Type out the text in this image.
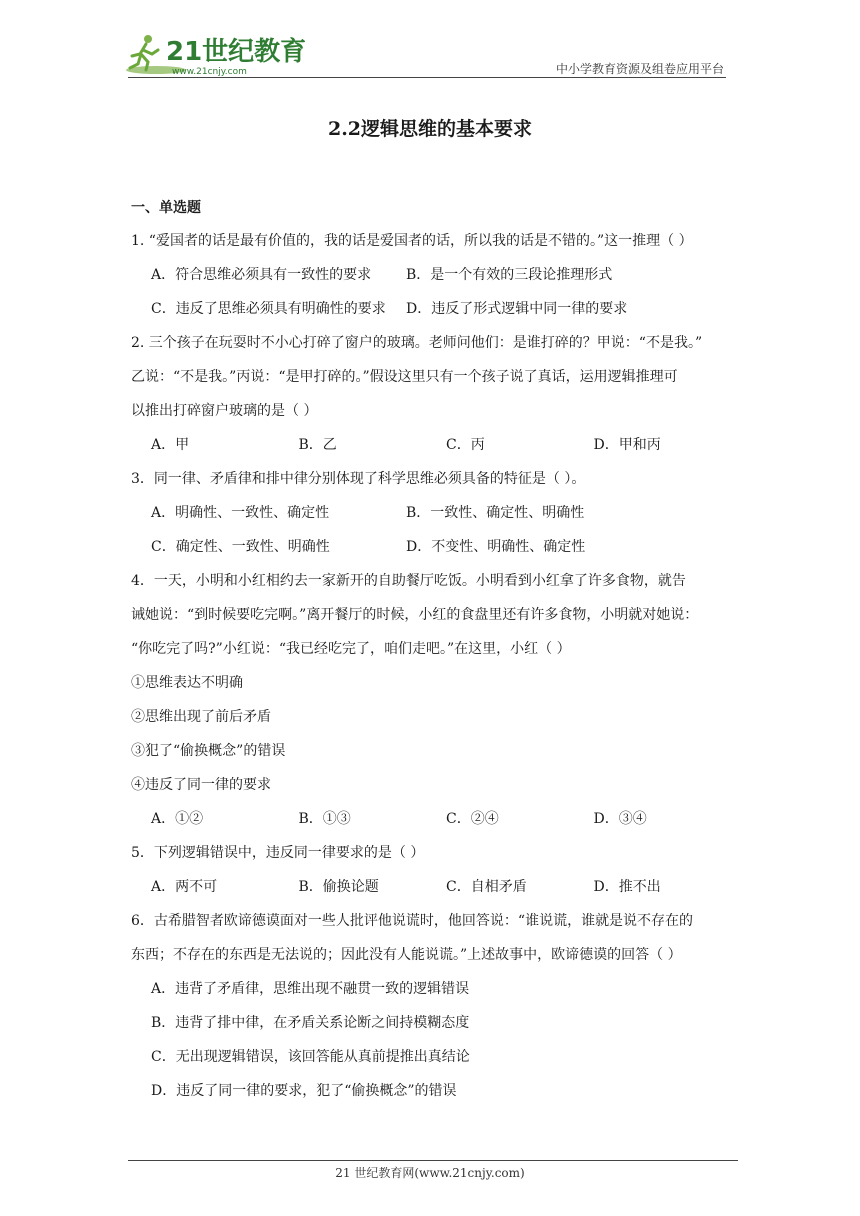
21世纪教育
www.21cnjy.com	中小学教育资源及组卷应用平台
2.2逻辑思维的基本要求
一、单选题

1. “爱国者的话是最有价值的，我的话是爱国者的话，所以我的话是不错的。”这一推理（ ）

A．符合思维必须具有一致性的要求	B．是一个有效的三段论推理形式
C．违反了思维必须具有明确性的要求	D．违反了形式逻辑中同一律的要求

2. 三个孩子在玩耍时不小心打碎了窗户的玻璃。老师问他们：是谁打碎的？甲说：“不是我。”

乙说：“不是我。”丙说：“是甲打碎的。”假设这里只有一个孩子说了真话，运用逻辑推理可

以推出打碎窗户玻璃的是（ ）

A．甲	B．乙	C．丙	D．甲和丙

3．同一律、矛盾律和排中律分别体现了科学思维必须具备的特征是（ ）。

A．明确性、一致性、确定性	B．一致性、确定性、明确性
C．确定性、一致性、明确性	D．不变性、明确性、确定性

4．一天，小明和小红相约去一家新开的自助餐厅吃饭。小明看到小红拿了许多食物，就告

诫她说：“到时候要吃完啊。”离开餐厅的时候，小红的食盘里还有许多食物，小明就对她说：

“你吃完了吗?”小红说：“我已经吃完了，咱们走吧。”在这里，小红（ ）

①思维表达不明确
②思维出现了前后矛盾
③犯了“偷换概念”的错误
④违反了同一律的要求
A．①②	B．①③	C．②④	D．③④

5．下列逻辑错误中，违反同一律要求的是（ ）

A．两不可	B．偷换论题	C．自相矛盾	D．推不出

6．古希腊智者欧谛德谟面对一些人批评他说谎时，他回答说：“谁说谎，谁就是说不存在的

东西；不存在的东西是无法说的；因此没有人能说谎。”上述故事中，欧谛德谟的回答（ ）

A．违背了矛盾律，思维出现不融贯一致的逻辑错误
B．违背了排中律，在矛盾关系论断之间持模糊态度
C．无出现逻辑错误，该回答能从真前提推出真结论
D．违反了同一律的要求，犯了“偷换概念”的错误
21 世纪教育网(www.21cnjy.com)
